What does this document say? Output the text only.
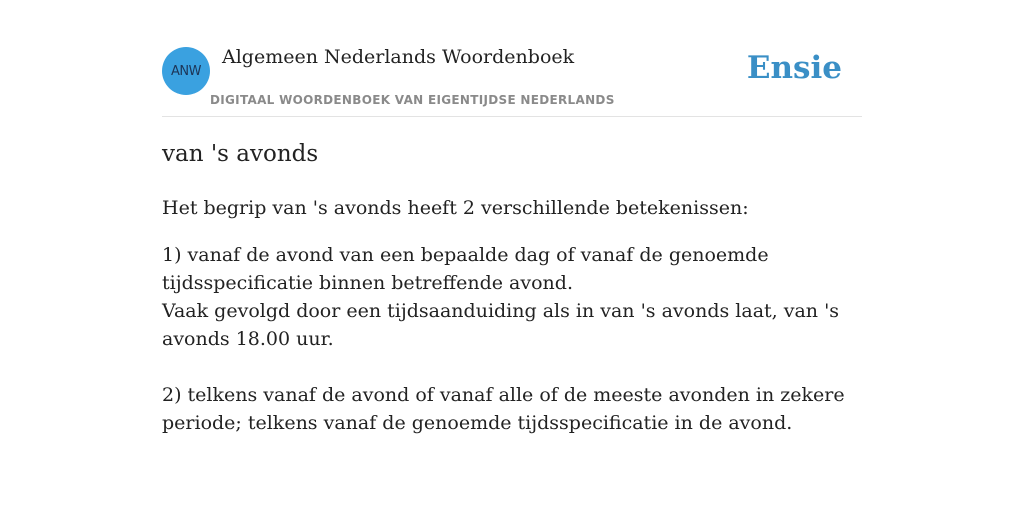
ANW
Algemeen Nederlands Woordenboek
DIGITAAL WOORDENBOEK VAN EIGENTIJDSE NEDERLANDS
Ensie
van 's avonds

Het begrip van 's avonds heeft 2 verschillende betekenissen:

1) vanaf de avond van een bepaalde dag of vanaf de genoemde tijdsspecificatie binnen betreffende avond.
Vaak gevolgd door een tijdsaanduiding als in van 's avonds laat, van 's avonds 18.00 uur.

2) telkens vanaf de avond of vanaf alle of de meeste avonden in zekere periode; telkens vanaf de genoemde tijdsspecificatie in de avond.
